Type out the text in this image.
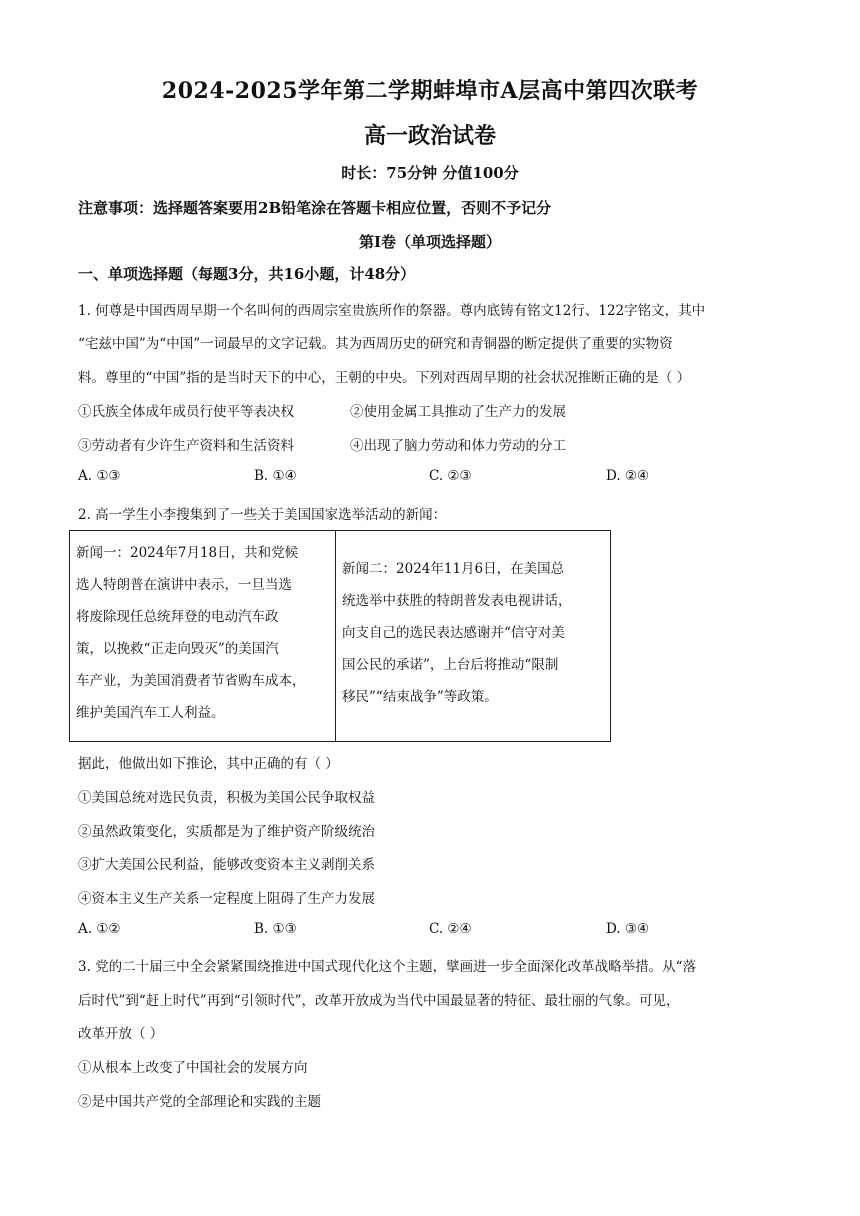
2024-2025学年第二学期蚌埠市A层高中第四次联考
高一政治试卷
时长：75分钟 分值100分
注意事项：选择题答案要用2B铅笔涂在答题卡相应位置，否则不予记分
第Ⅰ卷（单项选择题）
一、单项选择题（每题3分，共16小题，计48分）
1. 何尊是中国西周早期一个名叫何的西周宗室贵族所作的祭器。尊内底铸有铭文12行、122字铭文，其中
“宅兹中国”为“中国”一词最早的文字记载。其为西周历史的研究和青铜器的断定提供了重要的实物资
料。尊里的“中国”指的是当时天下的中心，王朝的中央。下列对西周早期的社会状况推断正确的是（ ）
①氏族全体成年成员行使平等表决权	②使用金属工具推动了生产力的发展
③劳动者有少许生产资料和生活资料	④出现了脑力劳动和体力劳动的分工
A. ①③	B. ①④	C. ②③	D. ②④
2. 高一学生小李搜集到了一些关于美国国家选举活动的新闻：
新闻一：2024年7月18日，共和党候
选人特朗普在演讲中表示，一旦当选
将废除现任总统拜登的电动汽车政
策，以挽救“正走向毁灭”的美国汽
车产业，为美国消费者节省购车成本，
维护美国汽车工人利益。
新闻二：2024年11月6日，在美国总
统选举中获胜的特朗普发表电视讲话，
向支自己的选民表达感谢并“信守对美
国公民的承诺”，上台后将推动“限制
移民”“结束战争”等政策。
据此，他做出如下推论，其中正确的有（ ）
①美国总统对选民负责，积极为美国公民争取权益
②虽然政策变化，实质都是为了维护资产阶级统治
③扩大美国公民利益，能够改变资本主义剥削关系
④资本主义生产关系一定程度上阻碍了生产力发展
A. ①②	B. ①③	C. ②④	D. ③④
3. 党的二十届三中全会紧紧围绕推进中国式现代化这个主题，擘画进一步全面深化改革战略举措。从“落
后时代”到“赶上时代”再到“引领时代”，改革开放成为当代中国最显著的特征、最壮丽的气象。可见，
改革开放（ ）
①从根本上改变了中国社会的发展方向
②是中国共产党的全部理论和实践的主题
